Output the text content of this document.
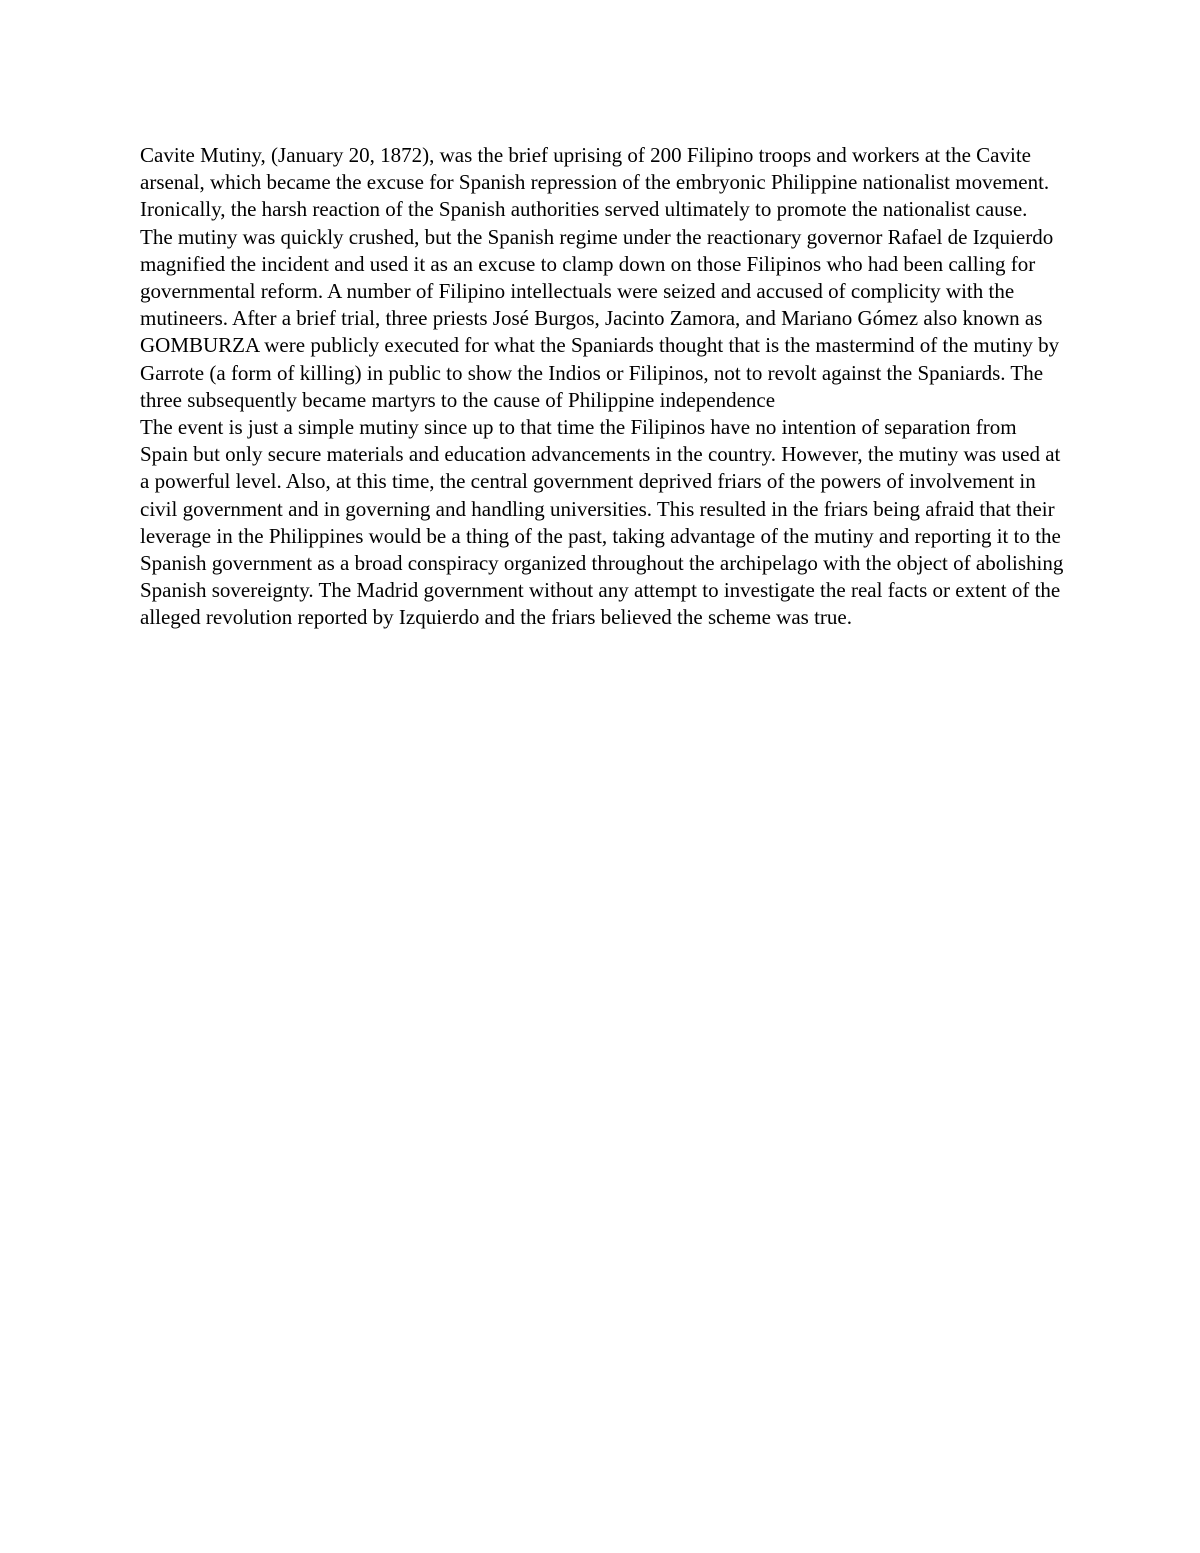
Cavite Mutiny, (January 20, 1872), was the brief uprising of 200 Filipino troops and workers at the Cavite arsenal, which became the excuse for Spanish repression of the embryonic Philippine nationalist movement. Ironically, the harsh reaction of the Spanish authorities served ultimately to promote the nationalist cause.

The mutiny was quickly crushed, but the Spanish regime under the reactionary governor Rafael de Izquierdo magnified the incident and used it as an excuse to clamp down on those Filipinos who had been calling for governmental reform. A number of Filipino intellectuals were seized and accused of complicity with the mutineers. After a brief trial, three priests José Burgos, Jacinto Zamora, and Mariano Gómez also known as GOMBURZA were publicly executed for what the Spaniards thought that is the mastermind of the mutiny by Garrote (a form of killing) in public to show the Indios or Filipinos, not to revolt against the Spaniards. The three subsequently became martyrs to the cause of Philippine independence

The event is just a simple mutiny since up to that time the Filipinos have no intention of separation from Spain but only secure materials and education advancements in the country. However, the mutiny was used at a powerful level. Also, at this time, the central government deprived friars of the powers of involvement in civil government and in governing and handling universities. This resulted in the friars being afraid that their leverage in the Philippines would be a thing of the past, taking advantage of the mutiny and reporting it to the Spanish government as a broad conspiracy organized throughout the archipelago with the object of abolishing Spanish sovereignty. The Madrid government without any attempt to investigate the real facts or extent of the alleged revolution reported by Izquierdo and the friars believed the scheme was true.
